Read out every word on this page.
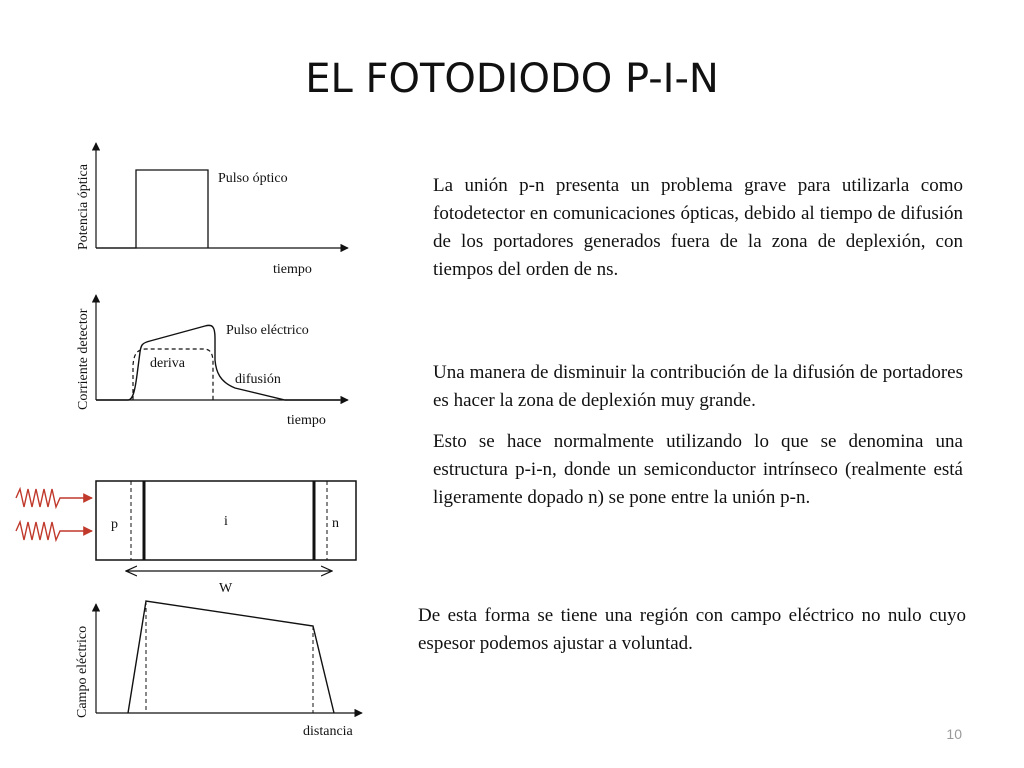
EL FOTODIODO P-I-N
Potencia óptica
tiempo
Pulso óptico
Corriente detector
tiempo
Pulso eléctrico
deriva
difusión
p	i	n
W
Campo eléctrico
distancia
La unión p-n presenta un problema grave para utilizarla como fotodetector en comunicaciones ópticas, debido al tiempo de difusión de los portadores generados fuera de la zona de deplexión, con tiempos del orden de ns.
Una manera de disminuir la contribución de la difusión de portadores es hacer la zona de deplexión muy grande.
Esto se hace normalmente utilizando lo que se denomina una estructura p-i-n, donde un semiconductor intrínseco (realmente está ligeramente dopado n) se pone entre la unión p-n.
De esta forma se tiene una región con campo eléctrico no nulo cuyo espesor podemos ajustar a voluntad.
10
